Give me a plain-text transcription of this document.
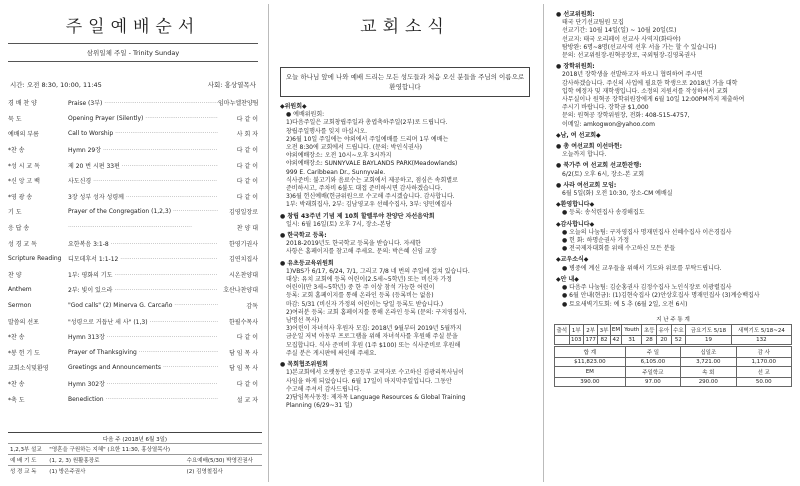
주일예배순서
삼위일체 주일 - Trinity Sunday
시간: 오전 8:30, 10:00, 11:45	사회: 홍상열목사
경 배 찬 양	Praise (3부) ·····	임마누엘찬양팀
묵 도	Opening Prayer (Silently) ·····	다 같 이
예배의 부름	Call to Worship ·····	사 회 자
*찬 송	Hymn 29장 ·····	다 같 이
*성 시 교 독	제 20 번 시편 33편 ·····	다 같 이
*신 앙 고 백	사도신경 ·····	다 같 이
*영 광 송	3장 성부 성자 성령께 ·····	다 같 이
기 도	Prayer of the Congregation (1,2,3) ·····	김영일장로
응 답 송 ·····	찬 양 대
성 경 교 독	요한복음 3:1-8 ·····	한영기권사
Scripture Reading	디모데후서 1:1-12 ·····	김연치집사
찬 양	1부: 평화의 기도 ·····	시온찬양대
Anthem	2부: 빛이 있으라 ·····	호산나찬양대
Sermon	"God calls" (2) Minerva G. Carcaño ·····	감독
말씀의 선포	"성령으로 거듭난 세 사" (1,3) ·····	한필수목사
*찬 송	Hymn 313장 ·····	다 같 이
*봉 헌 기 도	Prayer of Thanksgiving ·····	담 임 목 사
교회소식및환영	Greetings and Announcements ·····	담 임 목 사
*찬 송	Hymn 302장 ·····	다 같 이
*축 도	Benediction ·····	설 교 자
다음 주 (2018년 6월 3일)
1,2,3부 설교	"영혼을 구원하는 지혜" (요한 11:30, 홍상열목사)	
예 배 기 도	(1, 2, 3) 원활홍장로	수요예배(5/30) 박영진권사
성 경 교 독	(1) 방은주권사	(2) 김영철집사
교회소식
오늘 하나님 앞에 나와 예배 드리는 모든 성도들과 처음 오신 분들을 주님의 이름으로 환영합니다
◆위원회◆

● 예배위원회:

1)다음주일은 교회창립주일과 총엽축하주일(2부)로 드립니다.

창립주일행사를 잊지 마십시오.

2)6월 10일 주일에는 야외에서 주일예배를 드리며 1부 예배는

오전 8:30에 교회에서 드립니다. (문의: 박인식권사)

야외예배장소: 오전 10시~오후 3시까지

야외예배장소: SUNNYVALE BAYLANDS PARK(Meadowlands)

999 E. Caribbean Dr., Sunnyvale.

식사준비: 불고기와 음료수는 교회에서 제공하고, 점심은 속회별로

준비하시고, 주차비 6불도 대접 준비하시면 감사하겠습니다.

3)6월 헌신예배(헌금위원으로 수고해 주시겠습니다. 감사합니다.

1부: 박래희집사, 2부: 김남영교우 선혜수집사, 3부: 양민예집사

● 창립 43주년 기념 제 10회 할렐루야 찬양단 자선음악회

일시: 6월 16일(토) 오후 7시, 장소-본당

● 한국학교 등록:

2018-2019년도 한국학교 등록을 받습니다. 자세한

사항은 홈페이지를 참고해 주세요. 문의: 박은혜 신임 교장

● 유초등교육위원회

1)VBS가 6/17, 6/24, 7/1, 그리고 7/8 네 번의 주일에 걸쳐 있습니다.

대상: 유치 교회에 등록 어린이(2.5세~5학년) 또는 비신자 가정

어린이(만 3세~5학년) 중 한 주 이상 참석 가능한 어린이

등록: 교회 홈페이지를 통해 온라인 등록 (등록비는 없음)

마감: 5/31 (비신자 가정의 어린이는 당일 등록도 받습니다.)

2)여러분 등록: 교회 홈페이지를 통해 온라인 등록 (문의: 구지영집사,

남명선 목사)

3)어린이 자녀석사 후원자 모집: 2018년 9월부터 2019년 5월까지

금운일 저녁 아동부 프로그램을 위해 자녀석사를 후원해 주실 분을

모집합니다. 식사 준비비 후원 (1주 $100) 또는 식사준비로 후원해

주실 분은 게시판에 싸인해 주세요.

● 목회협조위원회

1)본교회에서 오랫동안 중고등부 교역자로 수고하신 김광리목사님이

사임을 하게 되었습니다. 6월 17일이 마지막주일입니다. 그동안

수고해 주셔서 감사드립니다.

2)담임목사동정: 제자목 Language Resources & Global Training

Planning (6/29~31 일)

● 선교위원회:

태국 단기선교팀원 모집

선교기간: 10월 14일(일) ~ 10월 20일(토)

선교지: 태국 오리페이 선교사 사역지(화타야)

탐방완: 6명~8명(선교사역 선후 서을 가는 할 수 있습니다)

문의: 선교위원장-원혁공장로, 국외팀장-김영록권사

● 장학위원회:

2018년 장학생을 선발하고자 하오니 협력하여 주시면

감사하겠습니다. 주신의 사업에 필요한 학생으로 2018년 가을 대학

입학 예정자 및 재학생입니다. 소정의 지원서를 작성하셔서 교회

사무실이나 원혁공 장학위원장에게 6월 10일 12:00PM까지 제출하여

주시기 바랍니다. 장학금 $1,000

문의: 원혁공 장학위원장, 전화: 408-515-4757,

이메일: amkogwon@yahoo.com

◆남, 여 선교회◆
● 총 여선교회 이선마헌:

오늘까지 합니다.

● 북가주 여 선교회 선교한잔행:

6/2(토) 오후 6시, 장소-본 교회

● 사라 여선교회 모임:

6월 5일(화) 오전 10:30, 장소-CM 예배실

◆환영합니다◆

● 등록: 송석련집사 송경해집도

◆감사합니다◆

● 오늘의 나눔팀: 구자영집사 명재민집사 선혜수집사 이은경집사

● 헌 화: 하명순권사 가정

● 전국제자대회를 위해 수고하신 모든 분들

◆교우소식◆

● 병중에 계신 교우들을 위해서 기도와 위로를 부탁드립니다.

◆안 내◆

● 다음주 나눔팀: 김순홍권사 김정수집사 노인식장로 이광렬집사

● 6월 안내(현금): (1)김현숙집사 (2)안상호집사 명재민집사 (3)계승백집사

● 토요새벽기도회: 예 5 추 (6월 2일, 오전 6시)

지 난 주 통 계
출석	1부	2부	3부	EM	Youth	초등	유아	수요	금요기도 5/18	새벽기도 5/18~24
	103	177	82	42	31	28	20	52	19	132
합 계	주 일	십일조	감 사
$11,823.00	6,105.00	3,721.00	1,170.00
EM	주일학교	속 회	선 교
390.00	97.00	290.00	50.00
